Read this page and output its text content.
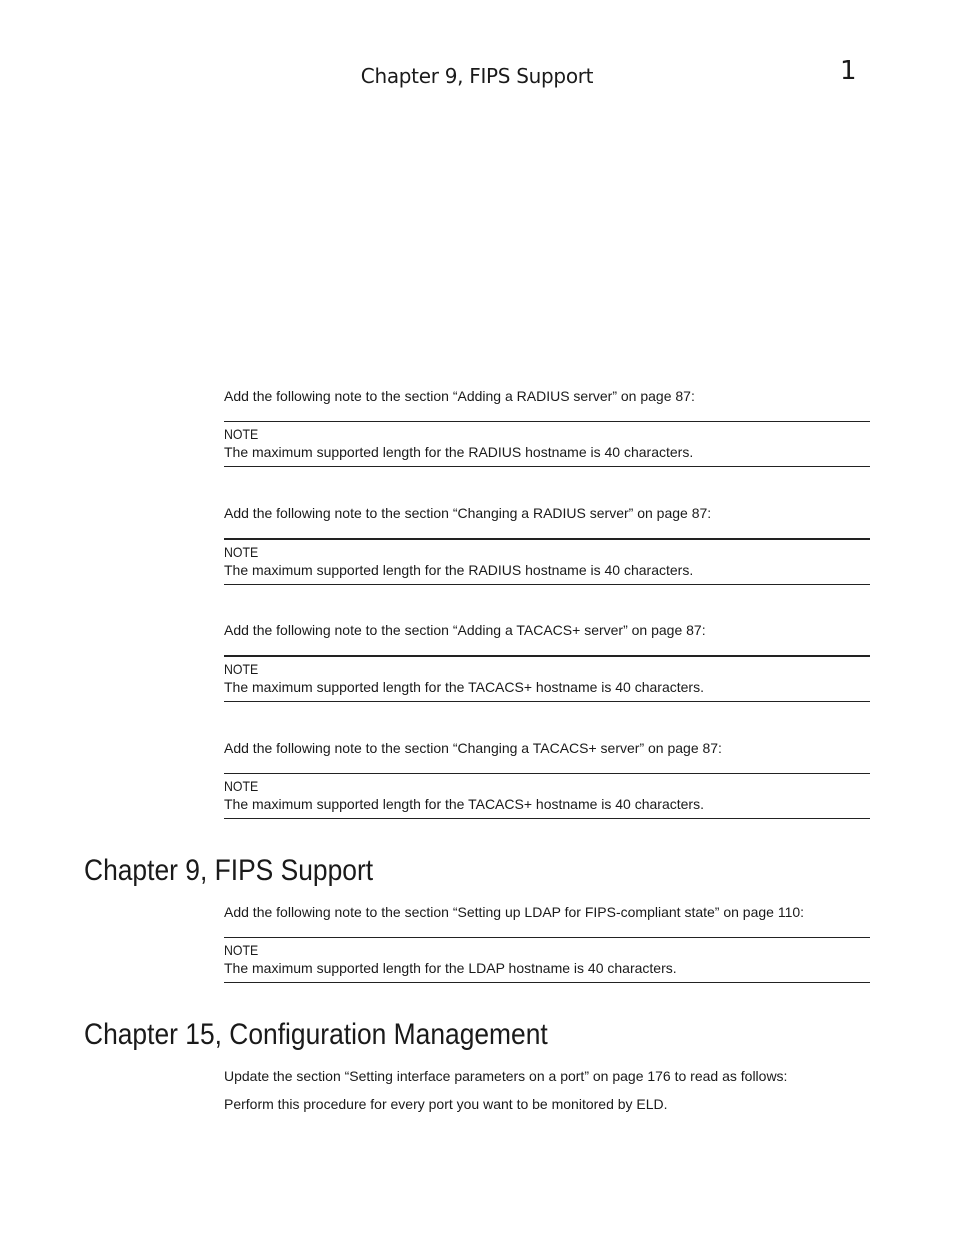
Chapter 9, FIPS Support	1
Add the following note to the section “Adding a RADIUS server” on page 87:
NOTE
The maximum supported length for the RADIUS hostname is 40 characters.
Add the following note to the section “Changing a RADIUS server” on page 87:
NOTE
The maximum supported length for the RADIUS hostname is 40 characters.
Add the following note to the section “Adding a TACACS+ server” on page 87:
NOTE
The maximum supported length for the TACACS+ hostname is 40 characters.
Add the following note to the section “Changing a TACACS+ server” on page 87:
NOTE
The maximum supported length for the TACACS+ hostname is 40 characters.
Chapter 9, FIPS Support
Add the following note to the section “Setting up LDAP for FIPS-compliant state” on page 110:
NOTE
The maximum supported length for the LDAP hostname is 40 characters.
Chapter 15, Configuration Management
Update the section “Setting interface parameters on a port” on page 176 to read as follows:
Perform this procedure for every port you want to be monitored by ELD.
